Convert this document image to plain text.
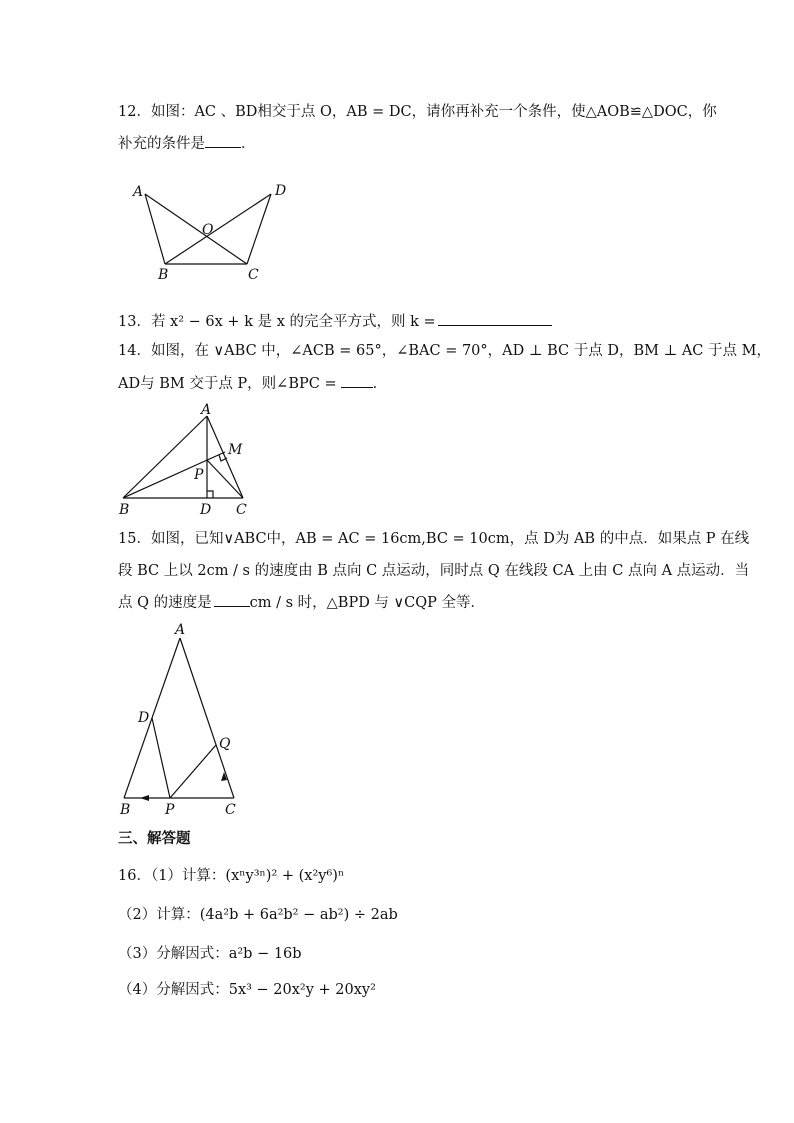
12．如图：AC 、BD相交于点 O，AB = DC，请你再补充一个条件，使△AOB≌△DOC，你
补充的条件是 ．
A	D
O
B	C
13．若 x² − 6x + k 是 x 的完全平方式，则 k =
14．如图，在 ∨ABC 中，∠ACB = 65°，∠BAC = 70°，AD ⊥ BC 于点 D，BM ⊥ AC 于点 M，
AD与 BM 交于点 P，则∠BPC = ．
A
M
P
B	D C
15．如图，已知∨ABC中，AB = AC = 16cm,BC = 10cm，点 D为 AB 的中点．如果点 P 在线
段 BC 上以 2cm / s 的速度由 B 点向 C 点运动，同时点 Q 在线段 CA 上由 C 点向 A 点运动．当
点 Q 的速度是	cm / s 时，△BPD 与 ∨CQP 全等．
A
D
Q
B P	C
三、解答题
16．（1）计算：(xⁿy³ⁿ)² + (x²y⁶)ⁿ
（2）计算：(4a²b + 6a²b² − ab²) ÷ 2ab
（3）分解因式：a²b − 16b
（4）分解因式：5x³ − 20x²y + 20xy²
